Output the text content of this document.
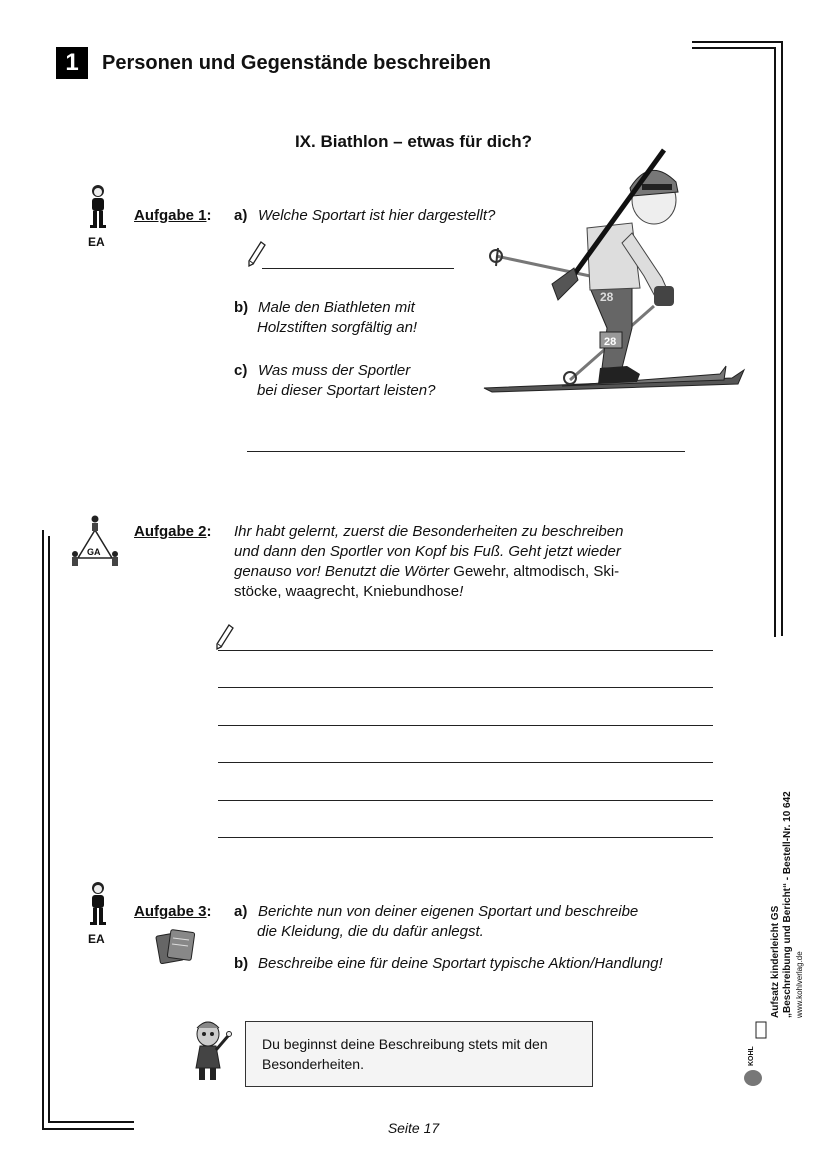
1	Personen und Gegenstände beschreiben
IX. Biathlon – etwas für dich?
EA
Aufgabe 1: a) Welche Sportart ist hier dargestellt?
b) Male den Biathleten mit
Holzstiften sorgfältig an!
c) Was muss der Sportler
bei dieser Sportart leisten?
28
28
GA
Aufgabe 2: Ihr habt gelernt, zuerst die Besonderheiten zu beschreiben
und dann den Sportler von Kopf bis Fuß. Geht jetzt wieder
genauso vor! Benutzt die Wörter Gewehr, altmodisch, Ski-
stöcke, waagrecht, Kniebundhose!
EA
Aufgabe 3: a) Berichte nun von deiner eigenen Sportart und beschreibe
die Kleidung, die du dafür anlegst.
b) Beschreibe eine für deine Sportart typische Aktion/Handlung!
Du beginnst deine Beschreibung stets mit den
Besonderheiten.
Aufsatz kinderleicht GS „Beschreibung und Bericht“ - Bestell-Nr. 10 642 www.kohlverlag.de
KOHL
Seite 17
